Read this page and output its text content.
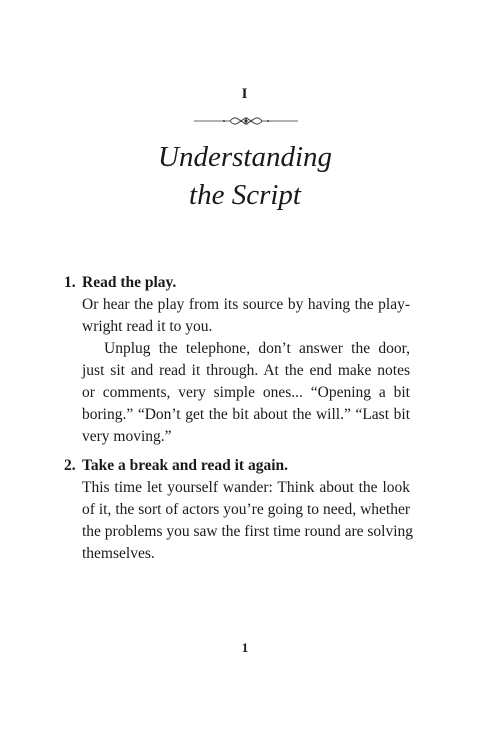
I
Understanding
the Script
1. Read the play.
Or hear the play from its source by having the play-
wright read it to you.
Unplug the telephone, don’t answer the door,
just sit and read it through. At the end make notes
or comments, very simple ones... “Opening a bit
boring.” “Don’t get the bit about the will.” “Last bit
very moving.”
2. Take a break and read it again.
This time let yourself wander: Think about the look
of it, the sort of actors you’re going to need, whether
the problems you saw the first time round are solving
themselves.
1
